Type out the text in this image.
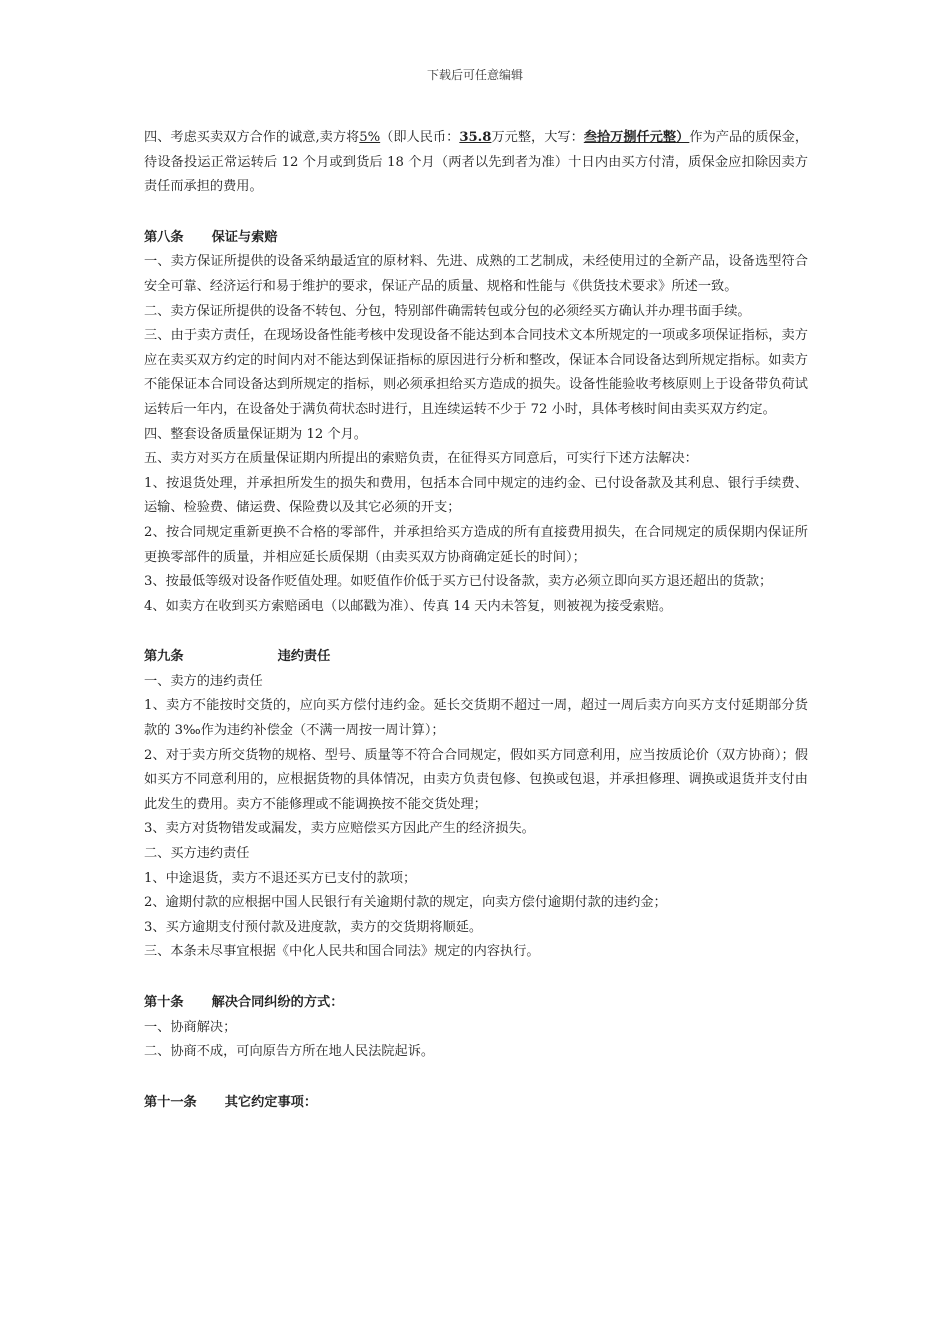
下载后可任意编辑

四、考虑买卖双方合作的诚意,卖方将5%（即人民币：35.8万元整，大写：叁拾万捌仟元整）作为产品的质保金，待设备投运正常运转后 12 个月或到货后 18 个月（两者以先到者为准）十日内由买方付清，质保金应扣除因卖方责任而承担的费用。

第八条 保证与索赔

一、卖方保证所提供的设备采纳最适宜的原材料、先进、成熟的工艺制成，未经使用过的全新产品，设备选型符合安全可靠、经济运行和易于维护的要求，保证产品的质量、规格和性能与《供货技术要求》所述一致。

二、卖方保证所提供的设备不转包、分包，特别部件确需转包或分包的必须经买方确认并办理书面手续。

三、由于卖方责任，在现场设备性能考核中发现设备不能达到本合同技术文本所规定的一项或多项保证指标，卖方应在卖买双方约定的时间内对不能达到保证指标的原因进行分析和整改，保证本合同设备达到所规定指标。如卖方不能保证本合同设备达到所规定的指标，则必须承担给买方造成的损失。设备性能验收考核原则上于设备带负荷试运转后一年内，在设备处于满负荷状态时进行，且连续运转不少于 72 小时，具体考核时间由卖买双方约定。

四、整套设备质量保证期为 12 个月。

五、卖方对买方在质量保证期内所提出的索赔负责，在征得买方同意后，可实行下述方法解决：

1、按退货处理，并承担所发生的损失和费用，包括本合同中规定的违约金、已付设备款及其利息、银行手续费、运输、检验费、储运费、保险费以及其它必须的开支；

2、按合同规定重新更换不合格的零部件，并承担给买方造成的所有直接费用损失，在合同规定的质保期内保证所更换零部件的质量，并相应延长质保期（由卖买双方协商确定延长的时间）；

3、按最低等级对设备作贬值处理。如贬值作价低于买方已付设备款，卖方必须立即向买方退还超出的货款；

4、如卖方在收到买方索赔函电（以邮戳为准）、传真 14 天内未答复，则被视为接受索赔。

第九条	违约责任

一、卖方的违约责任

1、卖方不能按时交货的，应向买方偿付违约金。延长交货期不超过一周，超过一周后卖方向买方支付延期部分货款的 3‰作为违约补偿金（不满一周按一周计算）；

2、对于卖方所交货物的规格、型号、质量等不符合合同规定，假如买方同意利用，应当按质论价（双方协商）；假如买方不同意利用的，应根据货物的具体情况，由卖方负责包修、包换或包退，并承担修理、调换或退货并支付由此发生的费用。卖方不能修理或不能调换按不能交货处理；

3、卖方对货物错发或漏发，卖方应赔偿买方因此产生的经济损失。

二、买方违约责任

1、中途退货，卖方不退还买方已支付的款项；

2、逾期付款的应根据中国人民银行有关逾期付款的规定，向卖方偿付逾期付款的违约金；

3、买方逾期支付预付款及进度款，卖方的交货期将顺延。

三、本条未尽事宜根据《中化人民共和国合同法》规定的内容执行。

第十条 解决合同纠纷的方式：

一、协商解决；

二、协商不成，可向原告方所在地人民法院起诉。

第十一条 其它约定事项：
